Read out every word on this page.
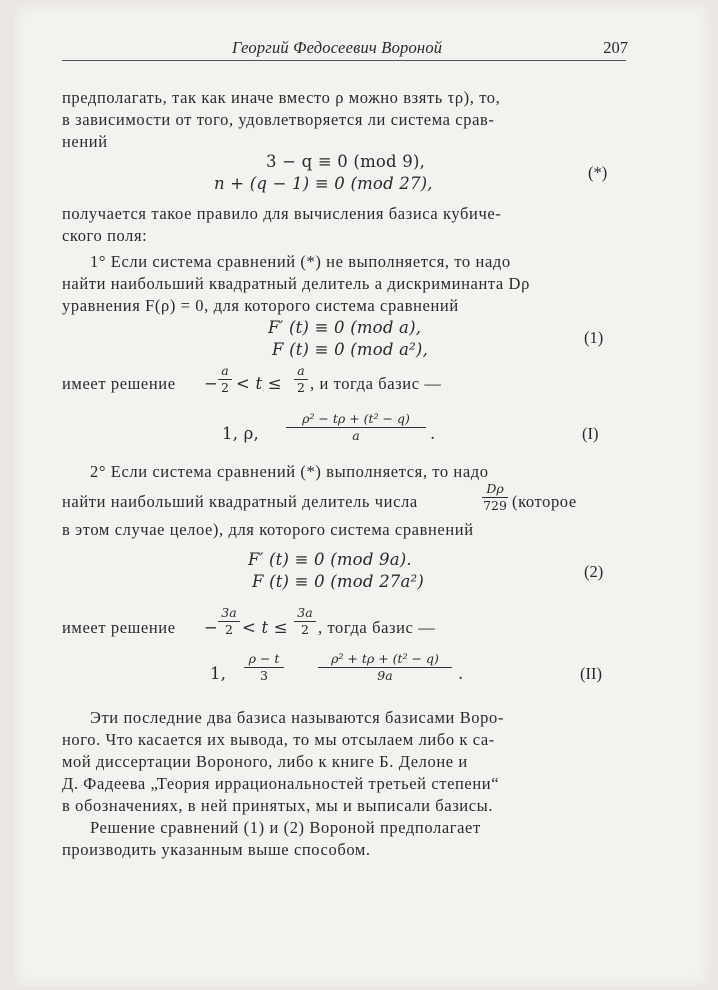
Георгий Федосеевич Вороной	207
предполагать, так как иначе вместо ρ можно взять τρ), то,
в зависимости от того, удовлетворяется ли система срав-
нений
3 − q ≡ 0 (mod 9),
n + (q − 1) ≡ 0 (mod 27),
(*)
получается такое правило для вычисления базиса кубиче-
ского поля:
1° Если система сравнений (*) не выполняется, то надо
найти наибольший квадратный делитель a дискриминанта Dρ
уравнения F(ρ) = 0, для которого система сравнений
F′ (t) ≡ 0 (mod a),
F (t) ≡ 0 (mod a²),
(1)
имеет решение −
a
2 < t ≤
a
2 , и тогда базис —
1, ρ,
ρ² − tρ + (t² − q)
a	.	(I)
2° Если система сравнений (*) выполняется, то надо
найти наибольший квадратный делитель числа
Dρ
729 (которое
в этом случае целое), для которого система сравнений
F′ (t) ≡ 0 (mod 9a).
F (t) ≡ 0 (mod 27a²)
(2)
имеет решение −
3a
2 < t ≤
3a
2 , тогда базис —
1,
ρ − t
3
ρ² + tρ + (t² − q)
9a	.	(II)
Эти последние два базиса называются базисами Воро-
ного. Что касается их вывода, то мы отсылаем либо к са-
мой диссертации Вороного, либо к книге Б. Делоне и
Д. Фадеева „Теория иррациональностей третьей степени“
в обозначениях, в ней принятых, мы и выписали базисы.
Решение сравнений (1) и (2) Вороной предполагает
производить указанным выше способом.
